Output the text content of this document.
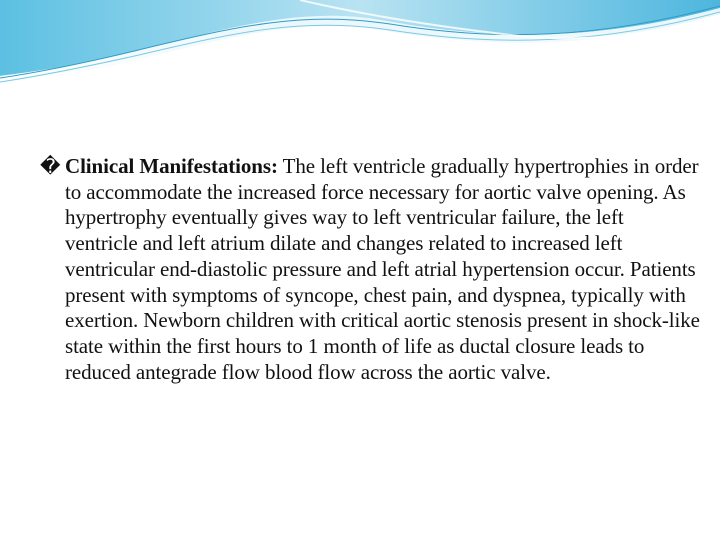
� Clinical Manifestations: The left ventricle gradually hypertrophies in order to accommodate the increased force necessary for aortic valve opening. As hypertrophy eventually gives way to left ventricular failure, the left ventricle and left atrium dilate and changes related to increased left ventricular end-diastolic pressure and left atrial hypertension occur. Patients present with symptoms of syncope, chest pain, and dyspnea, typically with exertion. Newborn children with critical aortic stenosis present in shock-like state within the first hours to 1 month of life as ductal closure leads to reduced antegrade flow blood flow across the aortic valve.
